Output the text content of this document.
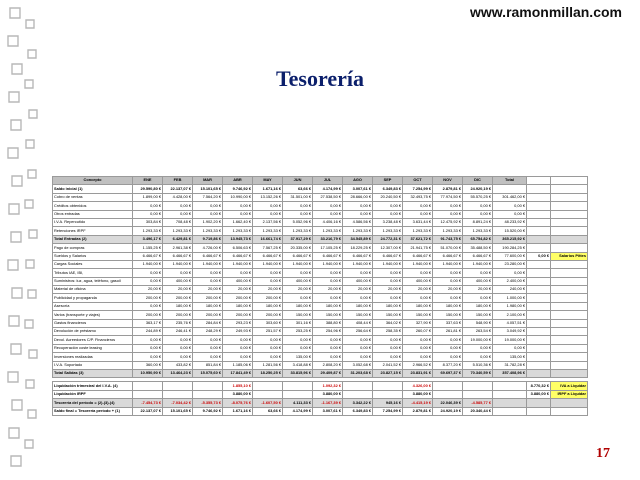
www.ramonmillan.com
Tesorería
Concepto	ENE	FEB	MAR	ABR	MAY	JUN	JUL	AGO	SEP	OCT	NOV	DIC	Total		
Saldo inicial (1)	29.590,80 €	22.137,07 €	15.101,65 €	9.746,92 €	1.671,16 €	63,66 €	4.174,99 €	3.007,61 €	6.349,83 €	7.254,99 €	2.879,81 €	24.920,19 €			
Cobro de ventas	1.899,00 €	4.428,00 €	7.564,20 €	10.990,00 €	13.152,26 €	31.501,00 €	27.538,50 €	28.666,00 €	20.240,50 €	32.493,75 €	77.974,50 €	55.570,25 €	301.462,00 €		
Créditos obtenidos	0,00 €	0,00 €	0,00 €	0,00 €	0,00 €	0,00 €	0,00 €	0,00 €	0,00 €	0,00 €	0,00 €	0,00 €	0,00 €		
Otros entradas	0,00 €	0,00 €	0,00 €	0,00 €	0,00 €	0,00 €	0,00 €	0,00 €	0,00 €	0,00 €	0,00 €	0,00 €	0,00 €		
I.V.A. Repercutido	303,84 €	708,48 €	1.902,20 €	1.662,40 €	2.137,56 €	5.052,96 €	4.406,16 €	4.586,56 €	3.238,48 €	3.631,44 €	12.475,92 €	8.891,24 €	48.233,92 €		
Retenciones IRPF	1.293,33 €	1.293,33 €	1.293,33 €	1.293,33 €	1.293,33 €	1.293,33 €	1.293,33 €	1.293,33 €	1.293,33 €	1.293,33 €	1.293,33 €	1.293,33 €	15.520,00 €		
Total Entradas (2)	3.496,17 €	6.429,81 €	9.719,86 €	13.945,73 €	16.661,74 €	37.917,29 €	33.216,79 €	34.545,89 €	24.772,31 €	37.621,72 €	91.743,75 €	65.754,82 €	365.215,92 €		
Pago de compras	1.155,25 €	2.961,38 €	4.726,00 €	6.506,63 €	7.567,25 €	20.335,00 €	17.105,25 €	18.229,25 €	12.307,00 €	21.941,75 €	51.070,00 €	35.488,50 €	190.284,25 €		
Sueldos y Salarios	6.466,67 €	6.466,67 €	6.466,67 €	6.466,67 €	6.466,67 €	6.466,67 €	6.466,67 €	6.466,67 €	6.466,67 €	6.466,67 €	6.466,67 €	6.466,67 €	77.600,00 €	0,00 €	Salarios Pittes
Cargas Sociales	1.940,00 €	1.940,00 €	1.940,00 €	1.940,00 €	1.940,00 €	1.940,00 €	1.940,00 €	1.940,00 €	1.940,00 €	1.940,00 €	1.940,00 €	1.940,00 €	23.280,00 €		
Tributos IAE, IBI,	0,00 €	0,00 €	0,00 €	0,00 €	0,00 €	0,00 €	0,00 €	0,00 €	0,00 €	0,00 €	0,00 €	0,00 €	0,00 €		
Suministros: luz, agua, teléfono, gasoil	0,00 €	400,00 €	0,00 €	400,00 €	0,00 €	400,00 €	0,00 €	400,00 €	0,00 €	400,00 €	0,00 €	400,00 €	2.400,00 €		
Material de oficina	20,00 €	20,00 €	20,00 €	20,00 €	20,00 €	20,00 €	20,00 €	20,00 €	20,00 €	20,00 €	20,00 €	20,00 €	240,00 €		
Publicidad y propaganda	200,00 €	200,00 €	200,00 €	200,00 €	200,00 €	0,00 €	0,00 €	0,00 €	0,00 €	0,00 €	0,00 €	0,00 €	1.000,00 €		
Asesoría	0,00 €	180,00 €	180,00 €	180,00 €	180,00 €	180,00 €	180,00 €	180,00 €	180,00 €	180,00 €	180,00 €	180,00 €	1.980,00 €		
Varios (transporte y viajes)	200,00 €	200,00 €	200,00 €	200,00 €	200,00 €	150,00 €	150,00 €	150,00 €	150,00 €	150,00 €	150,00 €	150,00 €	2.100,00 €		
Gastos financieros	363,17 €	235,76 €	284,84 €	293,23 €	303,60 €	301,16 €	388,80 €	408,44 €	364,02 €	327,90 €	337,63 €	548,90 €	4.057,51 €		
Devolución de préstamo	244,89 €	246,41 €	248,29 €	249,93 €	251,57 €	253,25 €	254,96 €	256,64 €	258,35 €	260,07 €	261,81 €	263,54 €	3.049,92 €		
Devol. Acreedores C/P. Financieros	0,00 €	0,00 €	0,00 €	0,00 €	0,00 €	0,00 €	0,00 €	0,00 €	0,00 €	0,00 €	0,00 €	19.000,00 €	19.000,00 €		
Recuperación coste leasing	0,00 €	0,00 €	0,00 €	0,00 €	0,00 €	0,00 €	0,00 €	0,00 €	0,00 €	0,00 €	0,00 €	0,00 €	0,00 €		
Inversiones realizadas	0,00 €	0,00 €	0,00 €	0,00 €	0,00 €	135,00 €	0,00 €	0,00 €	0,00 €	0,00 €	0,00 €	0,00 €	135,00 €		
I.V.A. Soportado	360,00 €	433,82 €	851,84 €	1.185,06 €	1.281,56 €	3.418,88 €	2.808,20 €	3.052,68 €	2.041,52 €	2.966,52 €	8.377,20 €	5.510,36 €	31.782,28 €		
Total Salidas (3)	10.950,90 €	13.464,23 €	15.075,60 €	17.841,49 €	18.250,25 €	33.815,96 €	29.409,87 €	31.203,68 €	23.827,15 €	23.831,91 €	69.697,37 €	70.340,59 €	357.408,96 €		

Liquidación trimestral del I.V.A. (4)				1.855,10 €			1.092,32 €			4.326,00 €				8.770,32 €	IVA a Liquidar
Liquidación IRPF				3.880,00 €			3.880,00 €			3.880,00 €				3.880,00 €	IRPF a Liquidar
Tesorería del período = (2)-(3)-(4)	-7.454,73 €	-7.034,42 €	-5.355,73 €	-8.075,76 €	-1.607,50 €	4.111,33 €	-1.167,39 €	3.342,22 €	945,16 €	-4.415,19 €	22.046,39 €	-4.585,77 €			
Saldo final = Tesorería período + (1)	22.137,07 €	15.101,65 €	9.746,92 €	1.671,16 €	63,66 €	4.174,99 €	3.007,61 €	6.349,83 €	7.254,99 €	2.879,81 €	24.920,19 €	20.340,44 €			
17
